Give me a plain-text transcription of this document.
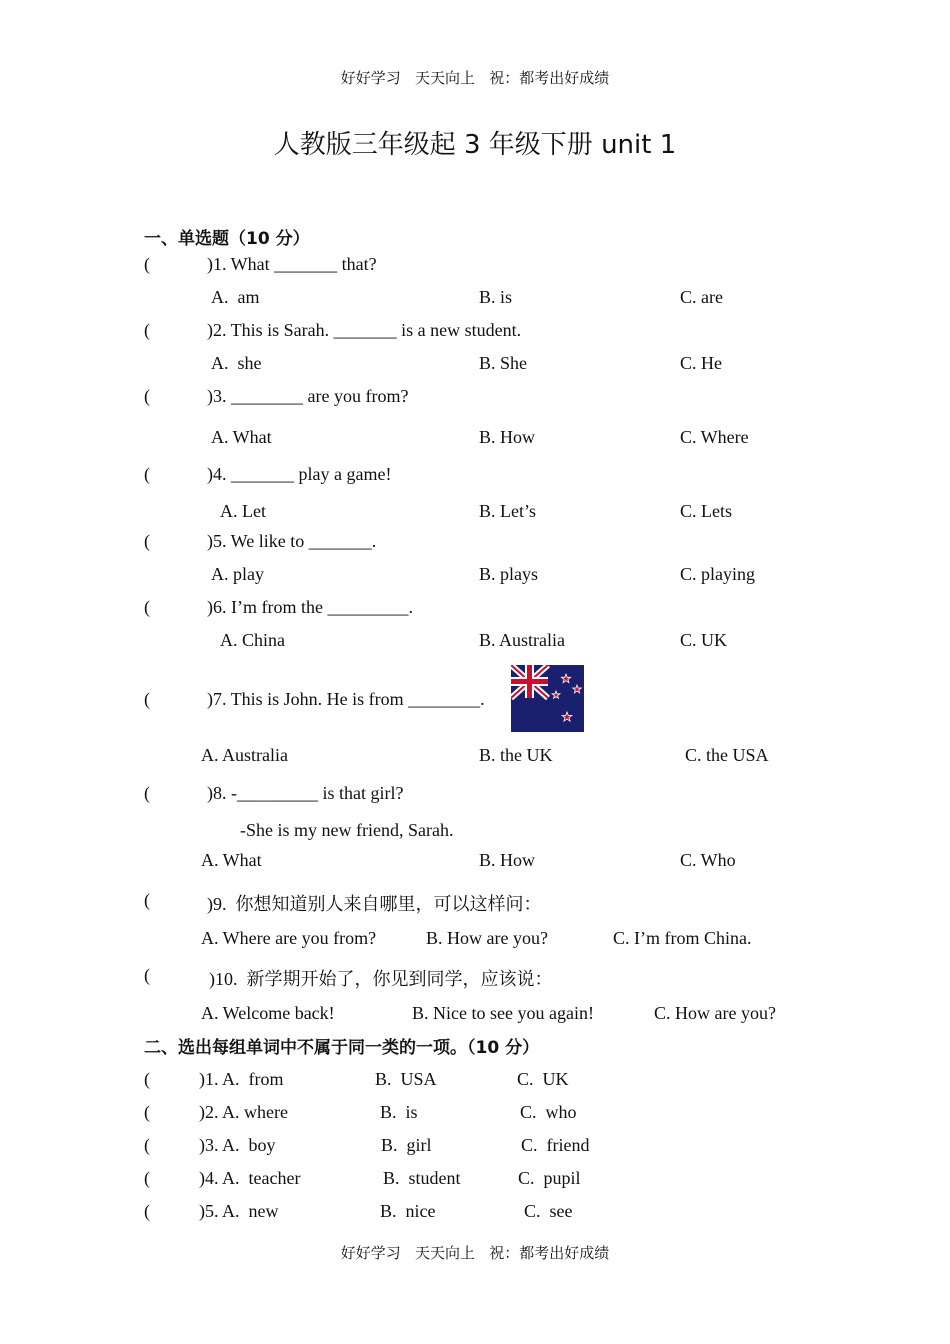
好好学习   天天向上   祝：都考出好成绩
人教版三年级起 3 年级下册 unit 1
一、单选题（10 分）
(	)1. What _______ that?
A.  am	B. is	C. are
(	)2. This is Sarah. _______ is a new student.
A.  she	B. She	C. He
(	)3. ________ are you from?
A. What	B. How	C. Where
(	)4. _______ play a game!
A. Let	B. Let’s	C. Lets
(	)5. We like to _______.
A. play	B. plays	C. playing
(	)6. I’m from the _________.
A. China	B. Australia	C. UK
(	)7. This is John. He is from ________.
A. Australia	B. the UK	C. the USA
(	)8. -_________ is that girl?
-She is my new friend, Sarah.
A. What	B. How	C. Who
(	)9.  你想知道别人来自哪里，可以这样问：
A. Where are you from?	B. How are you?	C. I’m from China.
(	)10.  新学期开始了，你见到同学，应该说：
A. Welcome back!	B. Nice to see you again!	C. How are you?
二、选出每组单词中不属于同一类的一项。（10 分）
(	)1. A.  from	B.  USA	C.  UK
(	)2. A. where	B.  is	C.  who
(	)3. A.  boy	B.  girl	C.  friend
(	)4. A.  teacher	B.  student	C.  pupil
(	)5. A.  new	B.  nice	C.  see
好好学习   天天向上   祝：都考出好成绩
